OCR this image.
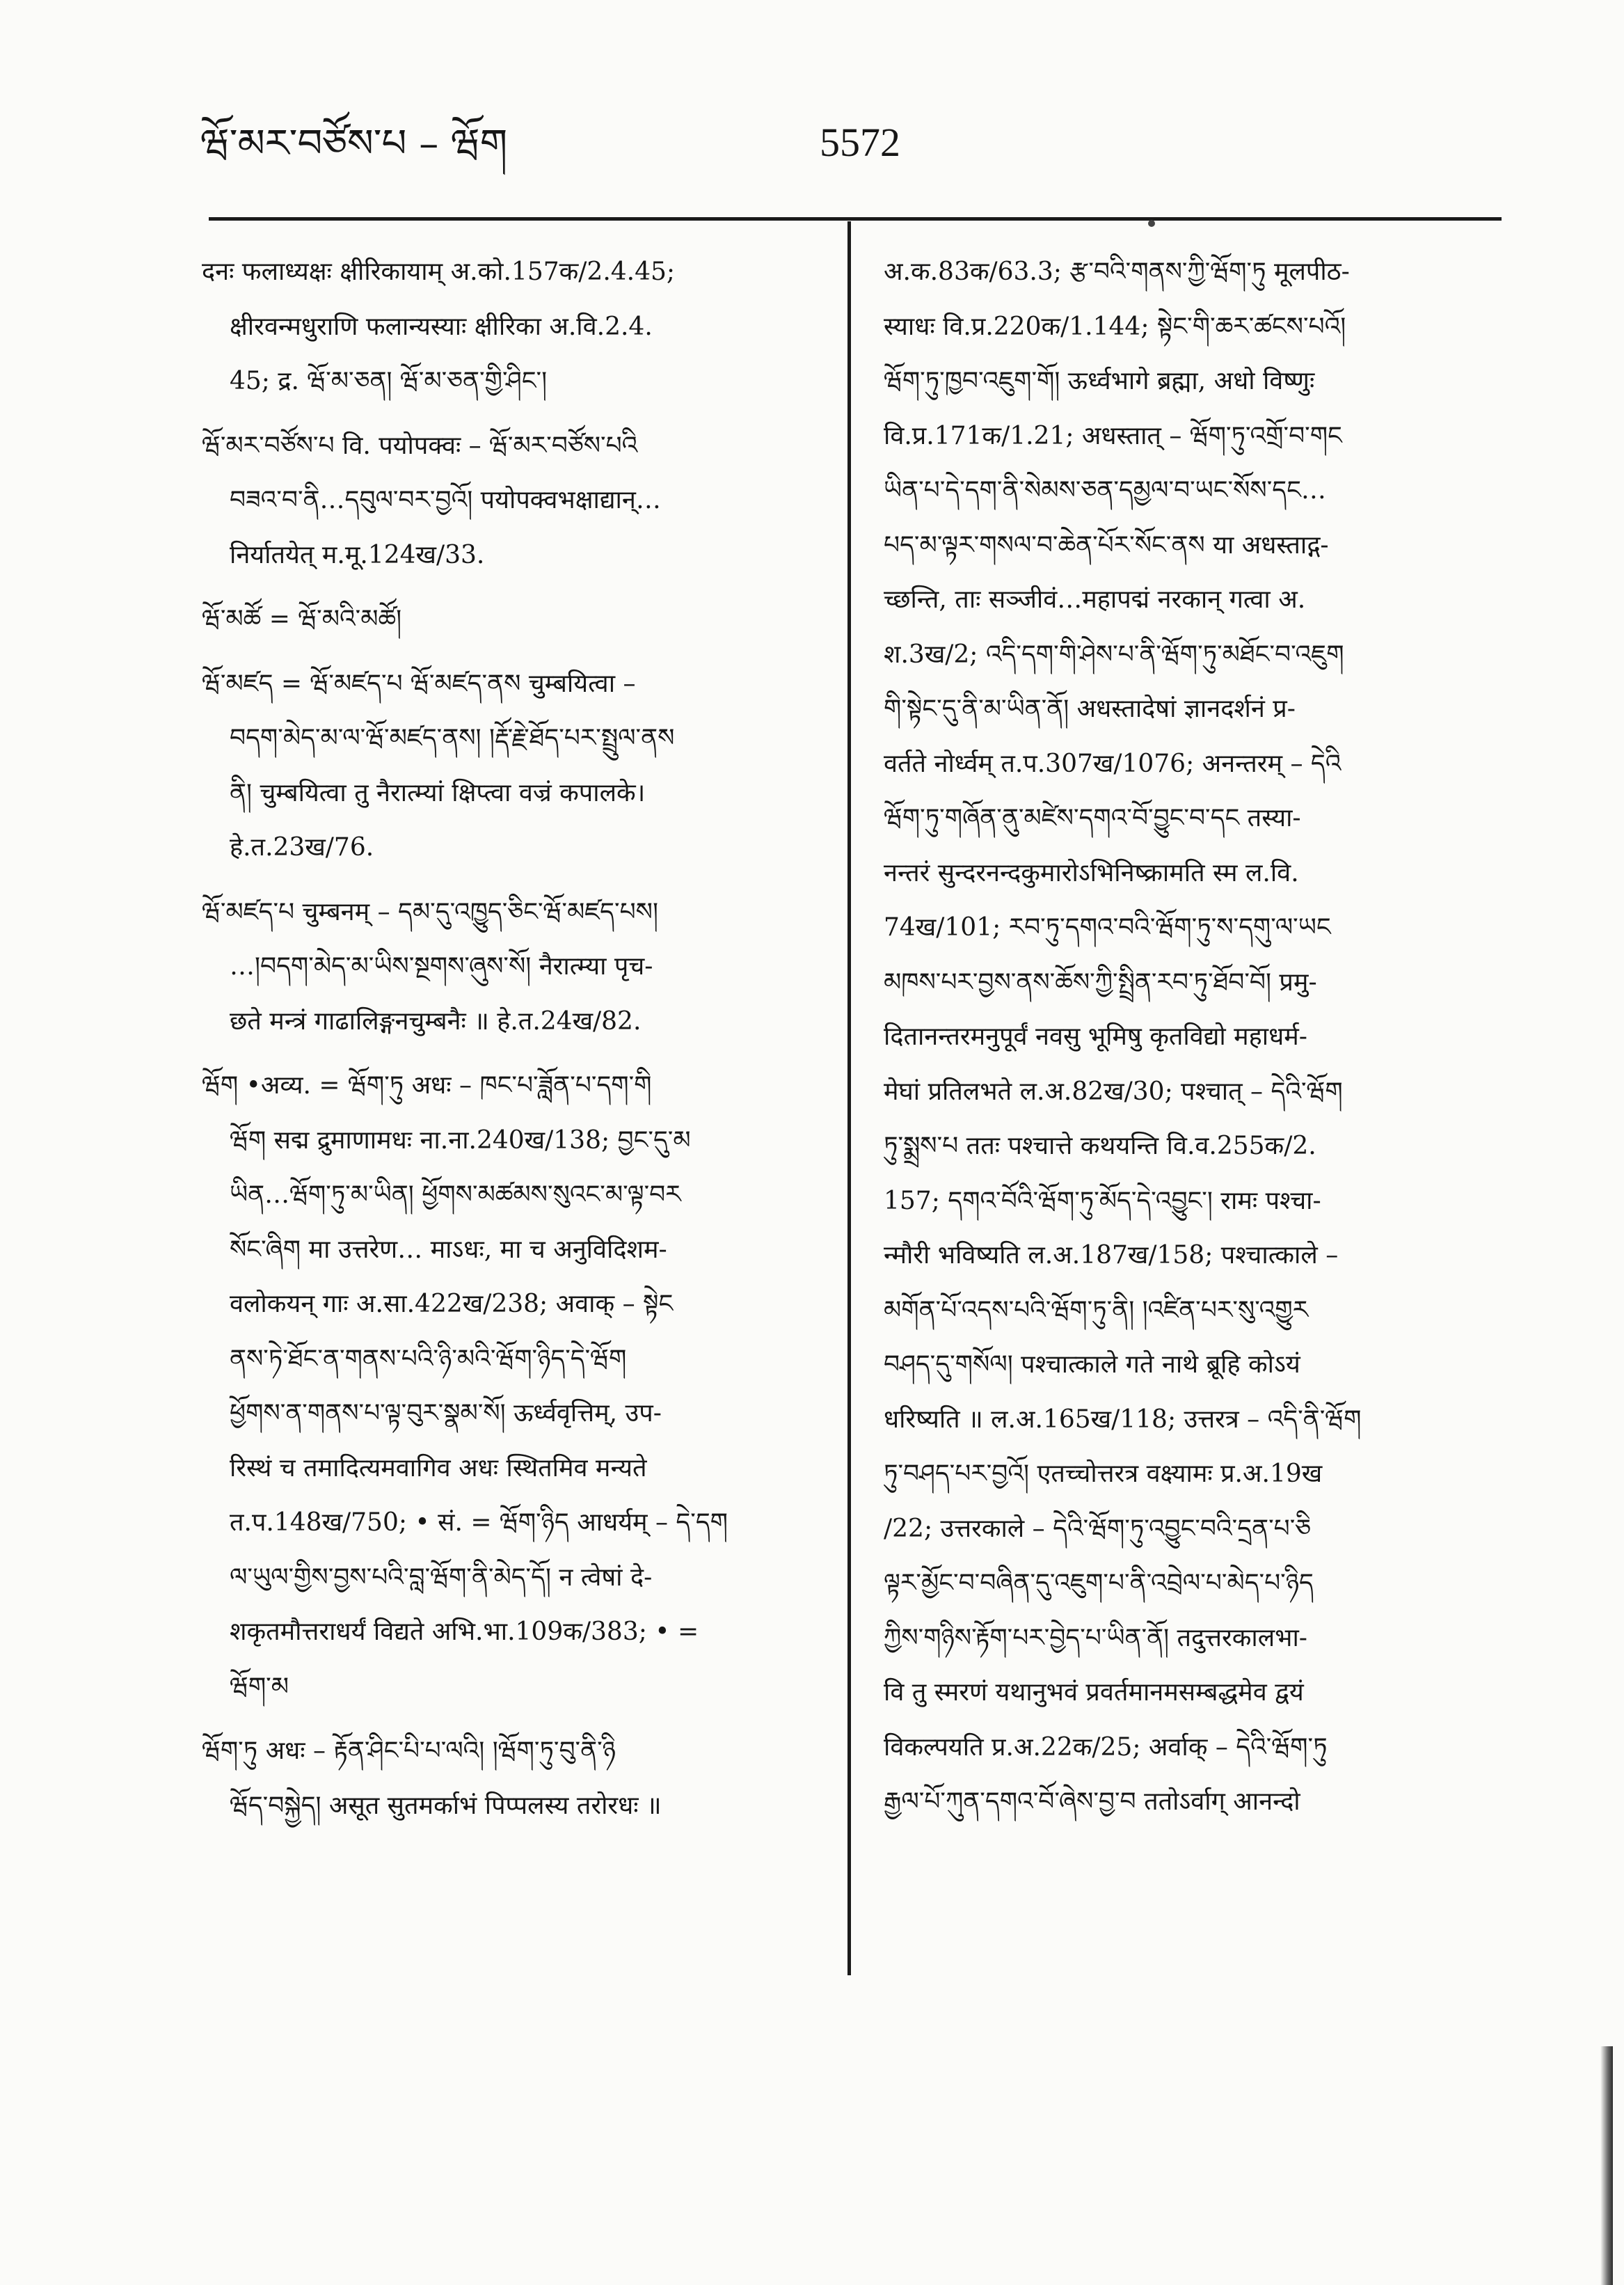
ཝོ་མར་བཙོས་པ – ཝོག	5572
दनः फलाध्यक्षः क्षीरिकायाम् अ.को.157क/2.4.45;
क्षीरवन्मधुराणि फलान्यस्याः क्षीरिका अ.वि.2.4.
45; द्र. ཝོ་མ་ཅན། ཝོ་མ་ཅན་གྱི་ཤིང་།
ཝོ་མར་བཙོས་པ वि. पयोपक्वः – ཝོ་མར་བཙོས་པའི
བཟའ་བ་ནི…དབུལ་བར་བྱའོ། पयोपक्वभक्षाद्यान्…
निर्यातयेत् म.मू.124ख/33.
ཝོ་མཚོ = ཝོ་མའི་མཚོ།
ཝོ་མཛད = ཝོ་མཛད་པ ཝོ་མཛད་ནས चुम्बयित्वा –
བདག་མེད་མ་ལ་ཝོ་མཛད་ནས། །རྡོ་རྗེ་ཐོད་པར་སྤྲུལ་ནས
ནི། चुम्बयित्वा तु नैरात्म्यां क्षिप्त्वा वज्रं कपालके।
हे.त.23ख/76.
ཝོ་མཛད་པ चुम्बनम् – དམ་དུ་འཁྱུད་ཅིང་ཝོ་མཛད་པས།
…།བདག་མེད་མ་ཡིས་སྔགས་ཞུས་སོ། नैरात्म्या पृच-
छते मन्त्रं गाढालिङ्गनचुम्बनैः ॥ हे.त.24ख/82.
ཝོག •अव्य. = ཝོག་ཏུ अधः – ཁང་པ་ཟློན་པ་དག་གི
ཝོག सद्म द्रुमाणामधः ना.ना.240ख/138; བྱང་དུ་མ
ཡིན…ཝོག་ཏུ་མ་ཡིན། ཕྱོགས་མཚམས་སུའང་མ་ལྟ་བར
སོང་ཞིག मा उत्तरेण… माऽधः, मा च अनुविदिशम-
वलोकयन् गाः अ.सा.422ख/238; अवाक् – སྟེང
ནས་ཏེ་ཐོང་ན་གནས་པའི་ཉི་མའི་ཝོག་ཉིད་དེ་ཝོག
ཕྱོགས་ན་གནས་པ་ལྟ་བུར་སྣམ་སོ། ऊर्ध्ववृत्तिम्, उप-
रिस्थं च तमादित्यमवागिव अधः स्थितमिव मन्यते
त.प.148ख/750; • सं. = ཝོག་ཉིད आधर्यम् – དེ་དག
ལ་ཡུལ་གྱིས་བྱས་པའི་བླ་ཝོག་ནི་མེད་དོ། न त्वेषां दे-
शकृतमौत्तराधर्यं विद्यते अभि.भा.109क/383; • =
ཝོག་མ
ཝོག་ཏུ अधः – རྟོན་ཤིང་པི་པ་ལའི། །ཝོག་ཏུ་བུ་ནི་ཉི
ཝོད་བསྐྱེད། असूत सुतमर्काभं पिप्पलस्य तरोरधः ॥
अ.क.83क/63.3; རྩ་བའི་གནས་ཀྱི་ཝོག་ཏུ मूलपीठ-
स्याधः वि.प्र.220क/1.144; སྟེང་གི་ཆར་ཚངས་པའོ།
ཝོག་ཏུ་ཁྱབ་འཇུག་གོ། ऊर्ध्वभागे ब्रह्मा, अधो विष्णुः
वि.प्र.171क/1.21; अधस्तात् – ཝོག་ཏུ་འགྲོ་བ་གང
ཡིན་པ་དེ་དག་ནི་སེམས་ཅན་དམྱལ་བ་ཡང་སོས་དང…
པད་མ་ལྟར་གསལ་བ་ཆེན་པོར་སོང་ནས या अधस्ताद्ग-
च्छन्ति, ताः सञ्जीवं…महापद्मं नरकान् गत्वा अ.
श.3ख/2; འདི་དག་གི་ཤེས་པ་ནི་ཝོག་ཏུ་མཐོང་བ་འཇུག
གི་སྟེང་དུ་ནི་མ་ཡིན་ནོ། अधस्तादेषां ज्ञानदर्शनं प्र-
वर्तते नोर्ध्वम् त.प.307ख/1076; अनन्तरम् – དེའི
ཝོག་ཏུ་གཞོན་ནུ་མཛེས་དགའ་བོ་བྱུང་བ་དང तस्या-
नन्तरं सुन्दरनन्दकुमारोऽभिनिष्क्रामति स्म ल.वि.
74ख/101; རབ་ཏུ་དགའ་བའི་ཝོག་ཏུ་ས་དགུ་ལ་ཡང
མཁས་པར་བྱས་ནས་ཆོས་ཀྱི་སྤྲིན་རབ་ཏུ་ཐོབ་བོ། प्रमु-
दितानन्तरमनुपूर्वं नवसु भूमिषु कृतविद्यो महाधर्म-
मेघां प्रतिलभते ल.अ.82ख/30; पश्चात् – དེའི་ཝོག
ཏུ་སྨྲས་པ ततः पश्चात्ते कथयन्ति वि.व.255क/2.
157; དགའ་བོའི་ཝོག་ཏུ་མོད་དེ་འབྱུང་། रामः पश्चा-
न्मौरी भविष्यति ल.अ.187ख/158; पश्चात्काले –
མགོན་པོ་འདས་པའི་ཝོག་ཏུ་ནི། །འཛིན་པར་སུ་འགྱུར
བཤད་དུ་གསོལ། पश्चात्काले गते नाथे ब्रूहि कोऽयं
धरिष्यति ॥ ल.अ.165ख/118; उत्तरत्र – འདི་ནི་ཝོག
ཏུ་བཤད་པར་བྱའོ། एतच्चोत्तरत्र वक्ष्यामः प्र.अ.19ख
/22; उत्तरकाले – དེའི་ཝོག་ཏུ་འབྱུང་བའི་དྲན་པ་ཅི
ལྟར་མྱོང་བ་བཞིན་དུ་འཇུག་པ་ནི་འབྲེལ་པ་མེད་པ་ཉིད
ཀྱིས་གཉིས་རྟོག་པར་བྱེད་པ་ཡིན་ནོ། तदुत्तरकालभा-
वि तु स्मरणं यथानुभवं प्रवर्तमानमसम्बद्धमेव द्वयं
विकल्पयति प्र.अ.22क/25; अर्वाक् – དེའི་ཝོག་ཏུ
རྒྱལ་པོ་ཀུན་དགའ་བོ་ཞེས་བྱ་བ ततोऽर्वाग् आनन्दो
